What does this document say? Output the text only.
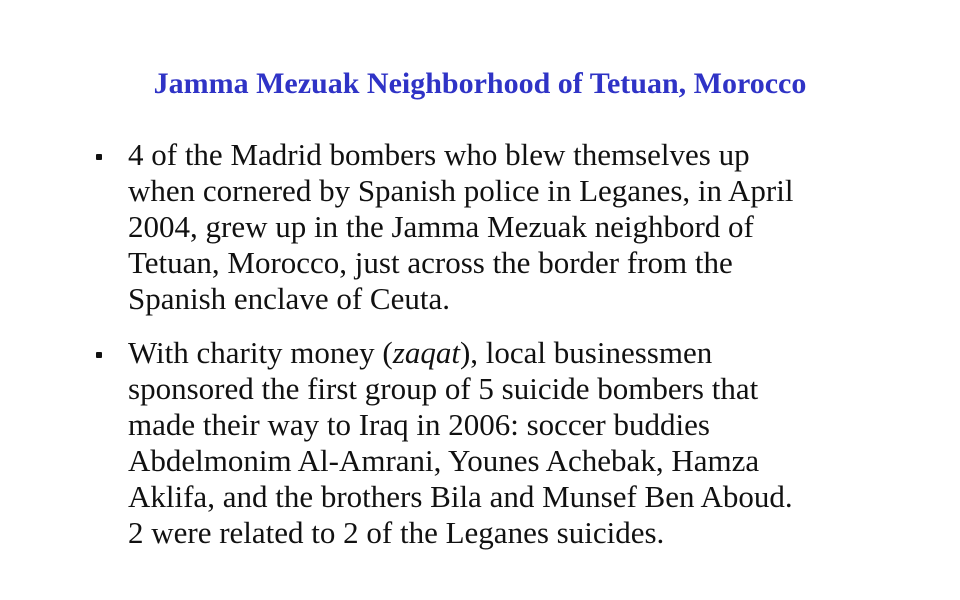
Jamma Mezuak Neighborhood of Tetuan, Morocco
4 of the Madrid bombers who blew themselves up
when cornered by Spanish police in Leganes, in April
2004, grew up in the Jamma Mezuak neighbord of
Tetuan, Morocco, just across the border from the
Spanish enclave of Ceuta.
With charity money (zaqat), local businessmen
sponsored the first group of 5 suicide bombers that
made their way to Iraq in 2006: soccer buddies
Abdelmonim Al-Amrani, Younes Achebak, Hamza
Aklifa, and the brothers Bila and Munsef Ben Aboud.
2 were related to 2 of the Leganes suicides.
